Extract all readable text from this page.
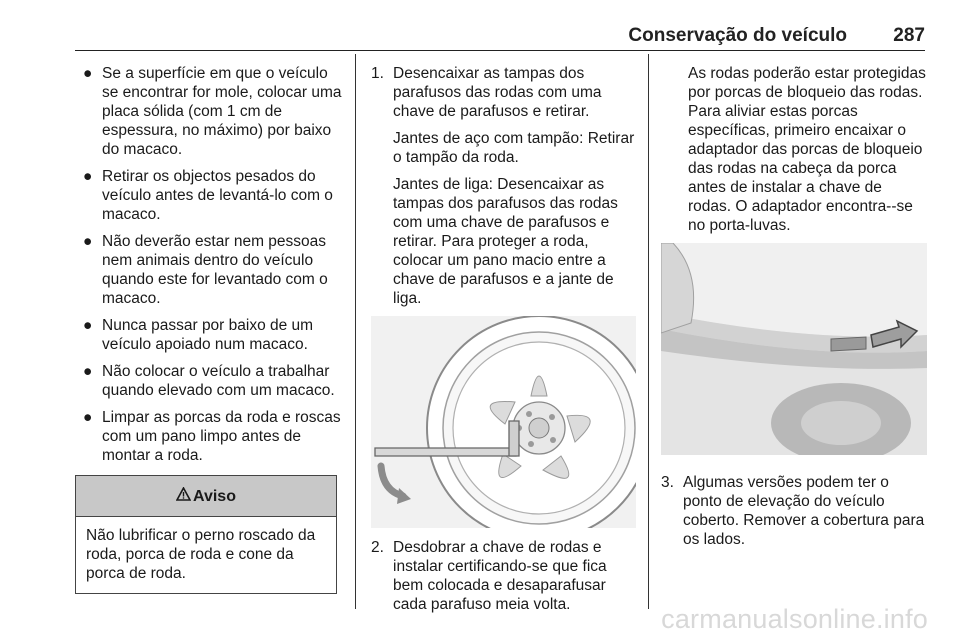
Conservação do veículo 287
● Se a superfície em que o veículo se encontrar for mole, colocar uma placa sólida (com 1 cm de espessura, no máximo) por baixo do macaco.
● Retirar os objectos pesados do veículo antes de levantá-lo com o macaco.
● Não deverão estar nem pessoas nem animais dentro do veículo quando este for levantado com o macaco.
● Nunca passar por baixo de um veículo apoiado num macaco.
● Não colocar o veículo a trabalhar quando elevado com um macaco.
● Limpar as porcas da roda e roscas com um pano limpo antes de montar a roda.
Aviso
Não lubrificar o perno roscado da roda, porca de roda e cone da porca de roda.
1. Desencaixar as tampas dos parafusos das rodas com uma chave de parafusos e retirar.
Jantes de aço com tampão: Retirar o tampão da roda.
Jantes de liga: Desencaixar as tampas dos parafusos das rodas com uma chave de parafusos e retirar. Para proteger a roda, colocar um pano macio entre a chave de parafusos e a jante de liga.
2. Desdobrar a chave de rodas e instalar certificando-se que fica bem colocada e desaparafusar cada parafuso meia volta.
As rodas poderão estar protegidas por porcas de bloqueio das rodas. Para aliviar estas porcas específicas, primeiro encaixar o adaptador das porcas de bloqueio das rodas na cabeça da porca antes de instalar a chave de rodas. O adaptador encontra--se no porta-luvas.
3. Algumas versões podem ter o ponto de elevação do veículo coberto. Remover a cobertura para os lados.
carmanualsonline.info
